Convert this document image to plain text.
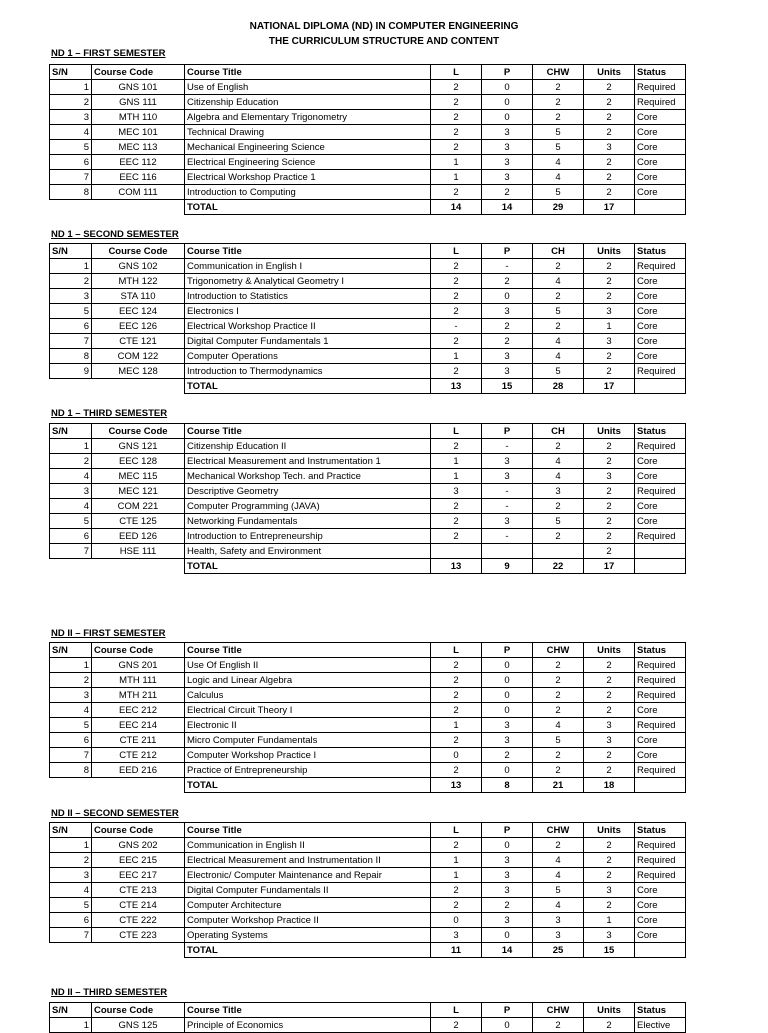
NATIONAL DIPLOMA (ND) IN COMPUTER ENGINEERING
THE CURRICULUM STRUCTURE AND CONTENT
ND 1 – FIRST SEMESTER
S/N	Course Code	Course Title	L	P	CHW	Units	Status
1	GNS 101	Use of English	2	0	2	2	Required
2	GNS 111	Citizenship Education	2	0	2	2	Required
3	MTH 110	Algebra and Elementary Trigonometry	2	0	2	2	Core
4	MEC 101	Technical Drawing	2	3	5	2	Core
5	MEC 113	Mechanical Engineering Science	2	3	5	3	Core
6	EEC 112	Electrical Engineering Science	1	3	4	2	Core
7	EEC 116	Electrical Workshop Practice 1	1	3	4	2	Core
8	COM 111	Introduction to Computing	2	2	5	2	Core
		TOTAL	14	14	29	17	
ND 1 – SECOND SEMESTER
S/N	Course Code	Course Title	L	P	CH	Units	Status
1	GNS 102	Communication in English I	2	-	2	2	Required
2	MTH 122	Trigonometry & Analytical Geometry I	2	2	4	2	Core
3	STA 110	Introduction to Statistics	2	0	2	2	Core
5	EEC 124	Electronics I	2	3	5	3	Core
6	EEC 126	Electrical Workshop Practice II	-	2	2	1	Core
7	CTE 121	Digital Computer Fundamentals 1	2	2	4	3	Core
8	COM 122	Computer Operations	1	3	4	2	Core
9	MEC 128	Introduction to Thermodynamics	2	3	5	2	Required
		TOTAL	13	15	28	17	
ND 1 – THIRD SEMESTER
S/N	Course Code	Course Title	L	P	CH	Units	Status
1	GNS 121	Citizenship Education II	2	-	2	2	Required
2	EEC 128	Electrical Measurement and Instrumentation 1	1	3	4	2	Core
4	MEC 115	Mechanical Workshop Tech. and Practice	1	3	4	3	Core
3	MEC 121	Descriptive Geometry	3	-	3	2	Required
4	COM 221	Computer Programming (JAVA)	2	-	2	2	Core
5	CTE 125	Networking Fundamentals	2	3	5	2	Core
6	EED 126	Introduction to Entrepreneurship	2	-	2	2	Required
7	HSE 111	Health, Safety and Environment				2	
		TOTAL	13	9	22	17	
ND II – FIRST SEMESTER
S/N	Course Code	Course Title	L	P	CHW	Units	Status
1	GNS 201	Use Of English II	2	0	2	2	Required
2	MTH 111	Logic and Linear Algebra	2	0	2	2	Required
3	MTH 211	Calculus	2	0	2	2	Required
4	EEC 212	Electrical Circuit Theory I	2	0	2	2	Core
5	EEC 214	Electronic II	1	3	4	3	Required
6	CTE 211	Micro Computer Fundamentals	2	3	5	3	Core
7	CTE 212	Computer Workshop Practice I	0	2	2	2	Core
8	EED 216	Practice of Entrepreneurship	2	0	2	2	Required
		TOTAL	13	8	21	18	
ND II – SECOND SEMESTER
S/N	Course Code	Course Title	L	P	CHW	Units	Status
1	GNS 202	Communication in English II	2	0	2	2	Required
2	EEC 215	Electrical Measurement and Instrumentation II	1	3	4	2	Required
3	EEC 217	Electronic/ Computer Maintenance and Repair	1	3	4	2	Required
4	CTE 213	Digital Computer Fundamentals II	2	3	5	3	Core
5	CTE 214	Computer Architecture	2	2	4	2	Core
6	CTE 222	Computer Workshop Practice II	0	3	3	1	Core
7	CTE 223	Operating Systems	3	0	3	3	Core
		TOTAL	11	14	25	15	
ND II – THIRD SEMESTER
S/N	Course Code	Course Title	L	P	CHW	Units	Status
1	GNS 125	Principle of Economics	2	0	2	2	Elective
